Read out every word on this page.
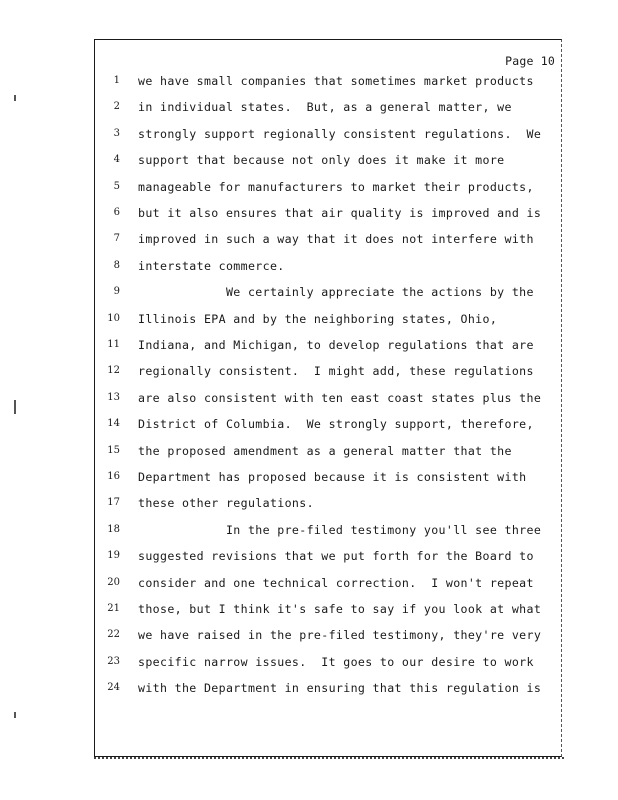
Page 10
1 we have small companies that sometimes market products
2 in individual states.  But, as a general matter, we
3 strongly support regionally consistent regulations.  We
4 support that because not only does it make it more
5 manageable for manufacturers to market their products,
6 but it also ensures that air quality is improved and is
7 improved in such a way that it does not interfere with
8 interstate commerce.
9 We certainly appreciate the actions by the
10 Illinois EPA and by the neighboring states, Ohio,
11 Indiana, and Michigan, to develop regulations that are
12 regionally consistent.  I might add, these regulations
13 are also consistent with ten east coast states plus the
14 District of Columbia.  We strongly support, therefore,
15 the proposed amendment as a general matter that the
16 Department has proposed because it is consistent with
17 these other regulations.
18 In the pre-filed testimony you'll see three
19 suggested revisions that we put forth for the Board to
20 consider and one technical correction.  I won't repeat
21 those, but I think it's safe to say if you look at what
22 we have raised in the pre-filed testimony, they're very
23 specific narrow issues.  It goes to our desire to work
24 with the Department in ensuring that this regulation is
